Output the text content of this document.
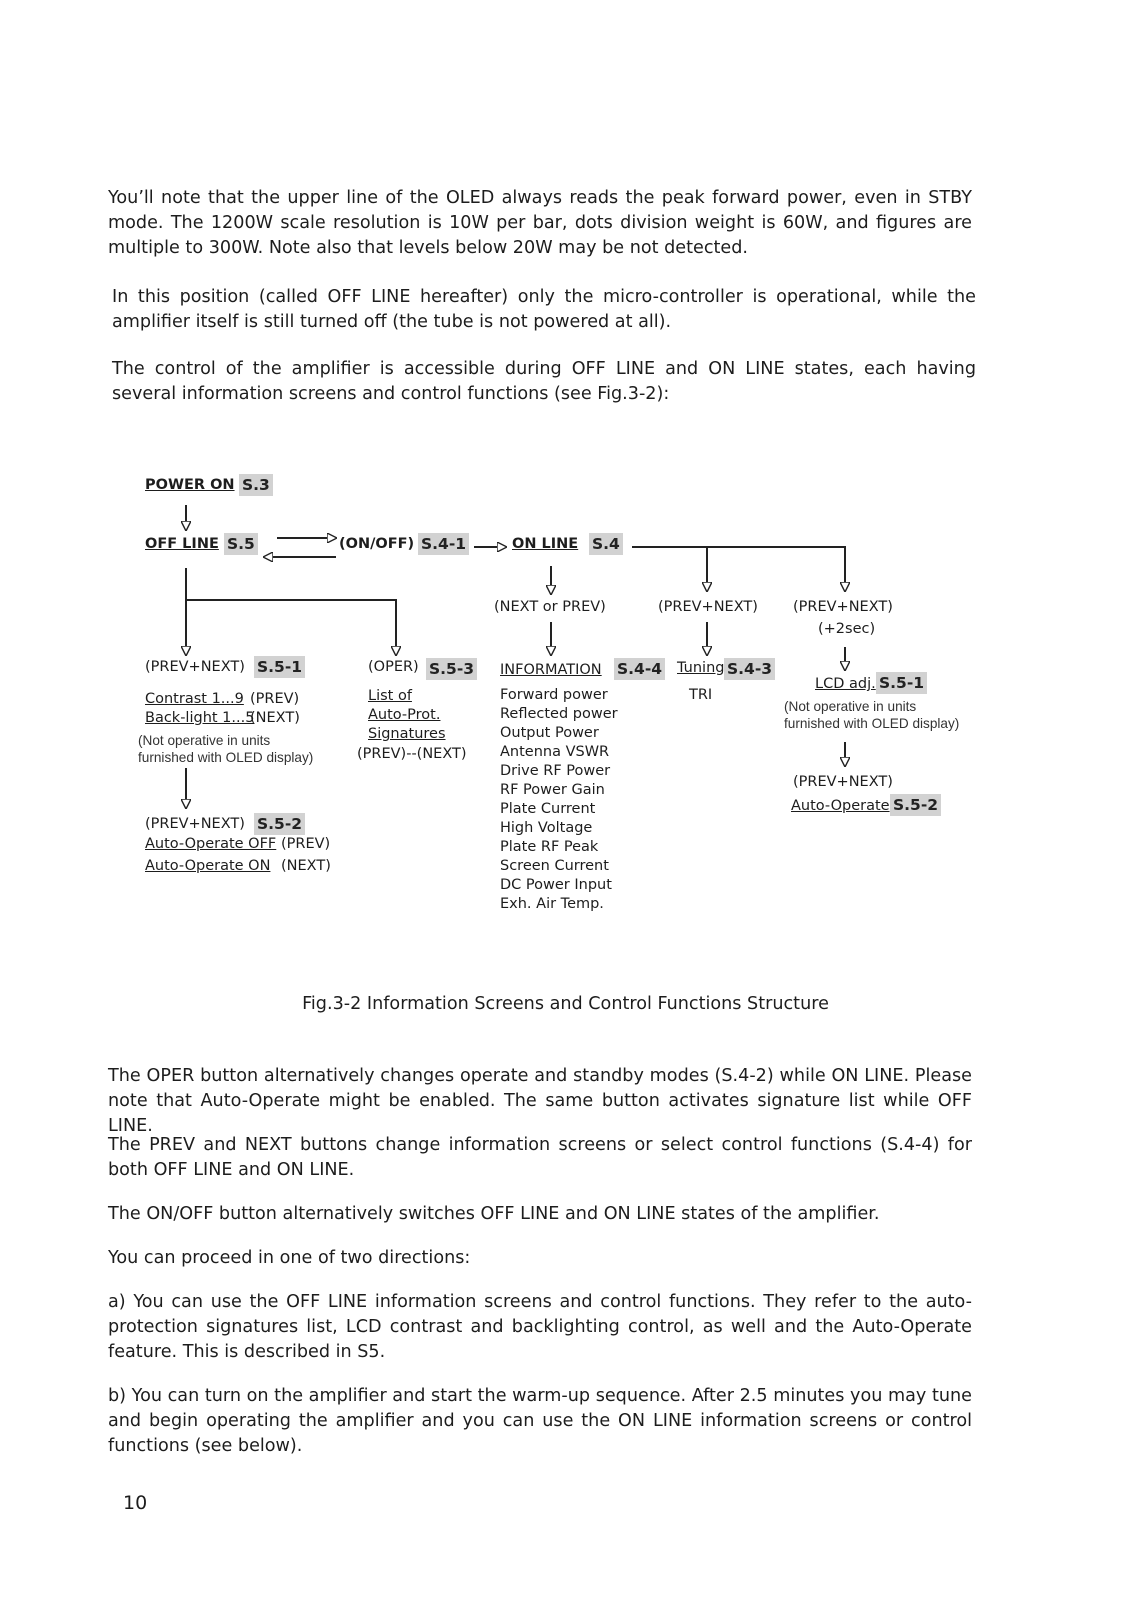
You’ll note that the upper line of the OLED always reads the peak forward power, even in STBY mode. The 1200W scale resolution is 10W per bar, dots division weight is 60W, and figures are multiple to 300W. Note also that levels below 20W may be not detected.

In this position (called OFF LINE hereafter) only the micro-controller is operational, while the amplifier itself is still turned off (the tube is not powered at all).

The control of the amplifier is accessible during OFF LINE and ON LINE states, each having several information screens and control functions (see Fig.3-2):

POWER ON S.3
OFF LINE S.5	(ON/OFF) S.4-1	ON LINE S.4
(NEXT or PREV)	(PREV+NEXT) (PREV+NEXT)
(+2sec)
(PREV+NEXT) S.5-1
Contrast 1...9 (PREV)
Back-light 1...5
(NEXT)
(Not operative in units
furnished with OLED display)
(PREV+NEXT) S.5-2
Auto-Operate OFF (PREV)
Auto-Operate ON (NEXT)
(OPER) S.5-3
List of
Auto-Prot.
Signatures
(PREV)--(NEXT)
INFORMATION S.4-4
Forward power
Reflected power
Output Power
Antenna VSWR
Drive RF Power
RF Power Gain
Plate Current
High Voltage
Plate RF Peak
Screen Current
DC Power Input
Exh. Air Temp.
Tuning S.4-3
TRI
LCD adj. S.5-1
(Not operative in units
furnished with OLED display)
(PREV+NEXT)
Auto-Operate S.5-2
Fig.3-2 Information Screens and Control Functions Structure

The OPER button alternatively changes operate and standby modes (S.4-2) while ON LINE. Please note that Auto-Operate might be enabled. The same button activates signature list while OFF LINE.

The PREV and NEXT buttons change information screens or select control functions (S.4-4) for both OFF LINE and ON LINE.

The ON/OFF button alternatively switches OFF LINE and ON LINE states of the amplifier.

You can proceed in one of two directions:

a) You can use the OFF LINE information screens and control functions. They refer to the auto-protection signatures list, LCD contrast and backlighting control, as well and the Auto-Operate feature. This is described in S5.

b) You can turn on the amplifier and start the warm-up sequence. After 2.5 minutes you may tune and begin operating the amplifier and you can use the ON LINE information screens or control functions (see below).

10
